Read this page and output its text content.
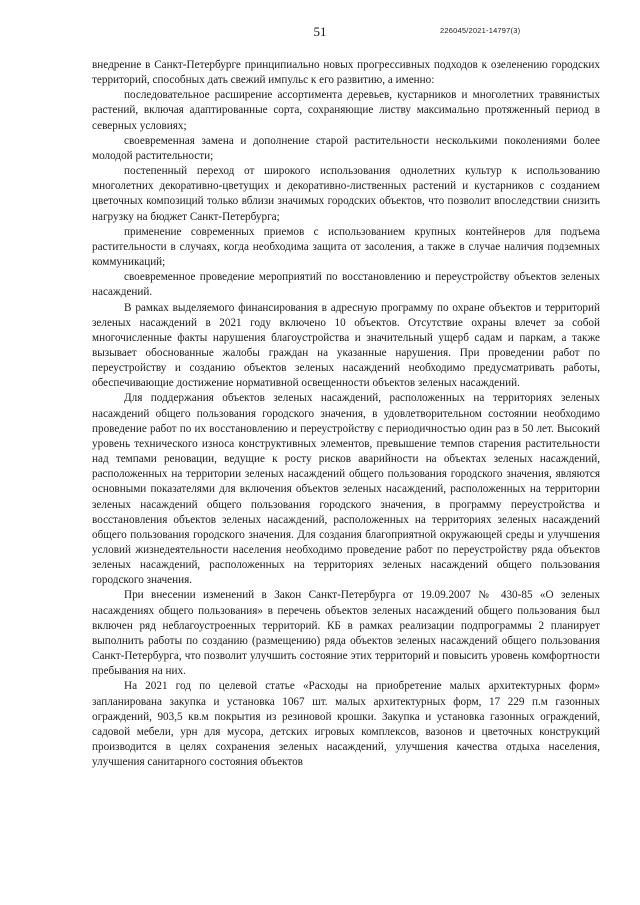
51	226045/2021-14797(3)

внедрение в Санкт-Петербурге принципиально новых прогрессивных подходов к озеленению городских территорий, способных дать свежий импульс к его развитию, а именно:

последовательное расширение ассортимента деревьев, кустарников и многолетних травянистых растений, включая адаптированные сорта, сохраняющие листву максимально протяженный период в северных условиях;

своевременная замена и дополнение старой растительности несколькими поколениями более молодой растительности;

постепенный переход от широкого использования однолетних культур к использованию многолетних декоративно-цветущих и декоративно-лиственных растений и кустарников с созданием цветочных композиций только вблизи значимых городских объектов, что позволит впоследствии снизить нагрузку на бюджет Санкт-Петербурга;

применение современных приемов с использованием крупных контейнеров для подъема растительности в случаях, когда необходима защита от засоления, а также в случае наличия подземных коммуникаций;

своевременное проведение мероприятий по восстановлению и переустройству объектов зеленых насаждений.

В рамках выделяемого финансирования в адресную программу по охране объектов и территорий зеленых насаждений в 2021 году включено 10 объектов. Отсутствие охраны влечет за собой многочисленные факты нарушения благоустройства и значительный ущерб садам и паркам, а также вызывает обоснованные жалобы граждан на указанные нарушения. При проведении работ по переустройству и созданию объектов зеленых насаждений необходимо предусматривать работы, обеспечивающие достижение нормативной освещенности объектов зеленых насаждений.

Для поддержания объектов зеленых насаждений, расположенных на территориях зеленых насаждений общего пользования городского значения, в удовлетворительном состоянии необходимо проведение работ по их восстановлению и переустройству с периодичностью один раз в 50 лет. Высокий уровень технического износа конструктивных элементов, превышение темпов старения растительности над темпами реновации, ведущие к росту рисков аварийности на объектах зеленых насаждений, расположенных на территории зеленых насаждений общего пользования городского значения, являются основными показателями для включения объектов зеленых насаждений, расположенных на территории зеленых насаждений общего пользования городского значения, в программу переустройства и восстановления объектов зеленых насаждений, расположенных на территориях зеленых насаждений общего пользования городского значения. Для создания благоприятной окружающей среды и улучшения условий жизнедеятельности населения необходимо проведение работ по переустройству ряда объектов зеленых насаждений, расположенных на территориях зеленых насаждений общего пользования городского значения.

При внесении изменений в Закон Санкт-Петербурга от 19.09.2007 № 430-85 «О зеленых насаждениях общего пользования» в перечень объектов зеленых насаждений общего пользования был включен ряд неблагоустроенных территорий. КБ в рамках реализации подпрограммы 2 планирует выполнить работы по созданию (размещению) ряда объектов зеленых насаждений общего пользования Санкт-Петербурга, что позволит улучшить состояние этих территорий и повысить уровень комфортности пребывания на них.

На 2021 год по целевой статье «Расходы на приобретение малых архитектурных форм» запланирована закупка и установка 1067 шт. малых архитектурных форм, 17 229 п.м газонных ограждений, 903,5 кв.м покрытия из резиновой крошки. Закупка и установка газонных ограждений, садовой мебели, урн для мусора, детских игровых комплексов, вазонов и цветочных конструкций производится в целях сохранения зеленых насаждений, улучшения качества отдыха населения, улучшения санитарного состояния объектов
